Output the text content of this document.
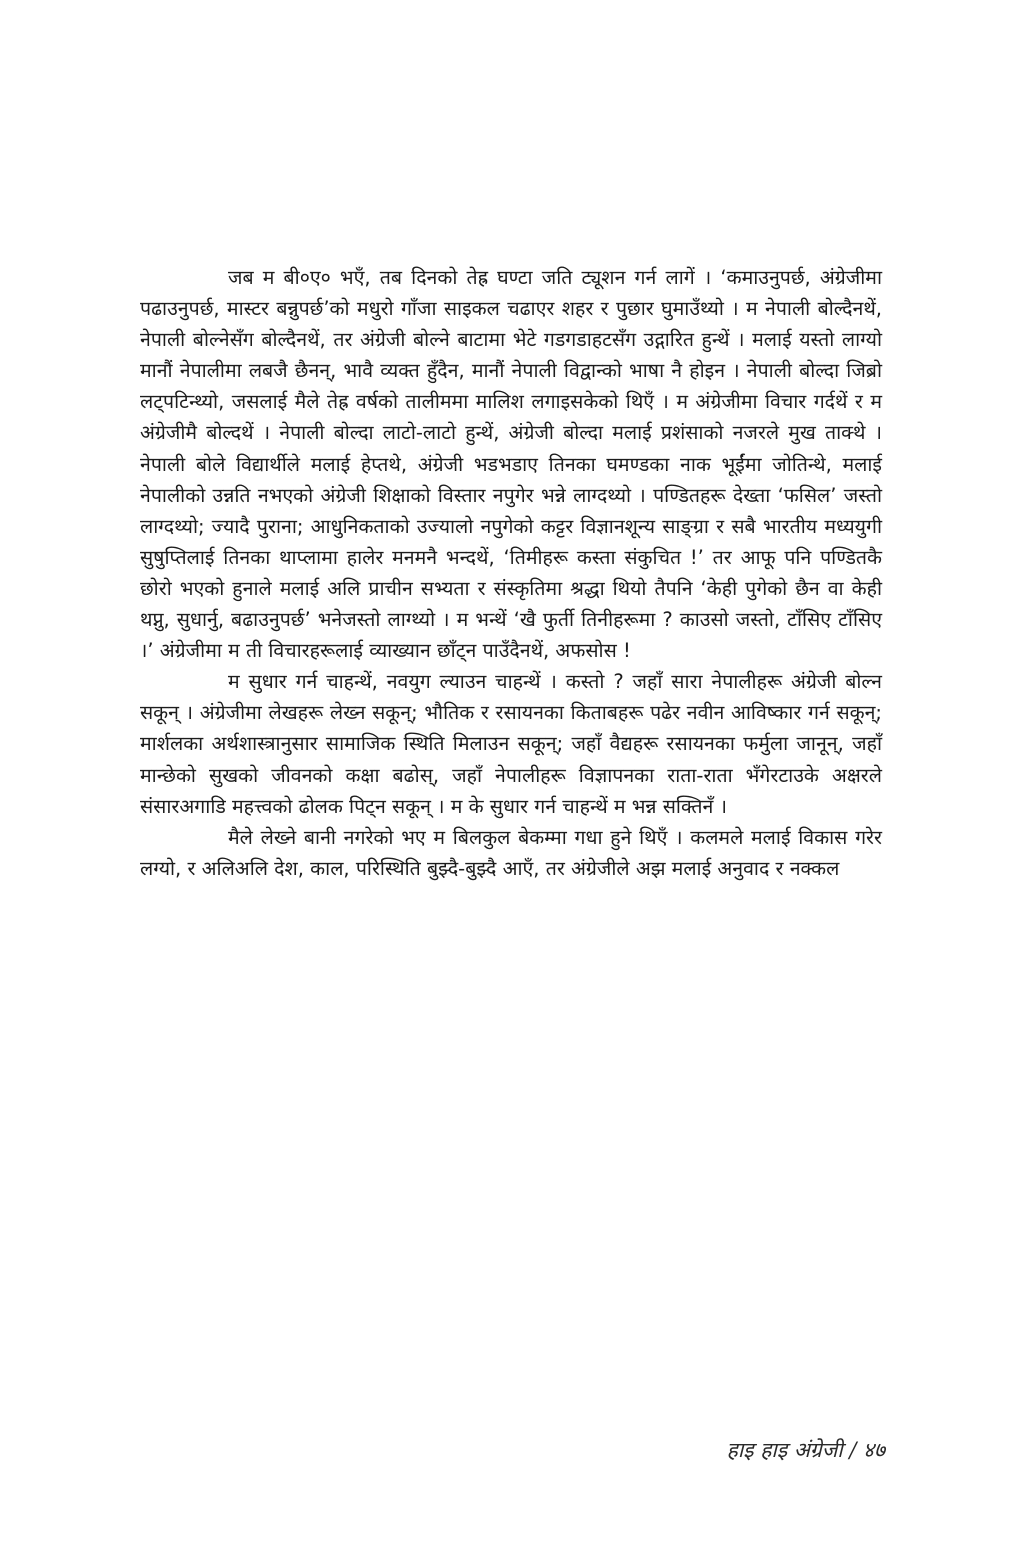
जब म बी०ए० भएँ, तब दिनको तेह्र घण्टा जति ट्यूशन गर्न लागें । ‘कमाउनुपर्छ, अंग्रेजीमा पढाउनुपर्छ, मास्टर बन्नुपर्छ’को मधुरो गाँजा साइकल चढाएर शहर र पुछार घुमाउँथ्यो । म नेपाली बोल्दैनथें, नेपाली बोल्नेसँग बोल्दैनथें, तर अंग्रेजी बोल्ने बाटामा भेटे गडगडाहटसँग उद्गारित हुन्थें । मलाई यस्तो लाग्यो मानौं नेपालीमा लबजै छैनन्, भावै व्यक्त हुँदैन, मानौं नेपाली विद्वान्को भाषा नै होइन । नेपाली बोल्दा जिब्रो लट्पटिन्थ्यो, जसलाई मैले तेह्र वर्षको तालीममा मालिश लगाइसकेको थिएँ । म अंग्रेजीमा विचार गर्दथें र म अंग्रेजीमै बोल्दथें । नेपाली बोल्दा लाटो-लाटो हुन्थें, अंग्रेजी बोल्दा मलाई प्रशंसाको नजरले मुख ताक्थे । नेपाली बोले विद्यार्थीले मलाई हेप्तथे, अंग्रेजी भडभडाए तिनका घमण्डका नाक भूईंमा जोतिन्थे, मलाई नेपालीको उन्नति नभएको अंग्रेजी शिक्षाको विस्तार नपुगेर भन्ने लाग्दथ्यो । पण्डितहरू देख्ता ‘फसिल’ जस्तो लाग्दथ्यो; ज्यादै पुराना; आधुनिकताको उज्यालो नपुगेको कट्टर विज्ञानशून्य साङ्ग्रा र सबै भारतीय मध्ययुगी सुषुप्तिलाई तिनका थाप्लामा हालेर मनमनै भन्दथें, ‘तिमीहरू कस्ता संकुचित !’ तर आफू पनि पण्डितकै छोरो भएको हुनाले मलाई अलि प्राचीन सभ्यता र संस्कृतिमा श्रद्धा थियो तैपनि ‘केही पुगेको छैन वा केही थप्नु, सुधार्नु, बढाउनुपर्छ’ भनेजस्तो लाग्थ्यो । म भन्थें ‘खै फुर्ती तिनीहरूमा ? काउसो जस्तो, टाँसिए टाँसिए ।’ अंग्रेजीमा म ती विचारहरूलाई व्याख्यान छाँट्न पाउँदैनथें, अफसोस !

म सुधार गर्न चाहन्थें, नवयुग ल्याउन चाहन्थें । कस्तो ? जहाँ सारा नेपालीहरू अंग्रेजी बोल्न सकून् । अंग्रेजीमा लेखहरू लेख्न सकून्; भौतिक र रसायनका किताबहरू पढेर नवीन आविष्कार गर्न सकून्; मार्शलका अर्थशास्त्रानुसार सामाजिक स्थिति मिलाउन सकून्; जहाँ वैद्यहरू रसायनका फर्मुला जानून्, जहाँ मान्छेको सुखको जीवनको कक्षा बढोस्, जहाँ नेपालीहरू विज्ञापनका राता-राता भँगेरटाउके अक्षरले संसारअगाडि महत्त्वको ढोलक पिट्न सकून् । म के सुधार गर्न चाहन्थें म भन्न सक्तिनँ ।

मैले लेख्ने बानी नगरेको भए म बिलकुल बेकम्मा गधा हुने थिएँ । कलमले मलाई विकास गरेर लग्यो, र अलिअलि देश, काल, परिस्थिति बुझ्दै-बुझ्दै आएँ, तर अंग्रेजीले अझ मलाई अनुवाद र नक्कल

हाइ हाइ अंग्रेजी / ४७
